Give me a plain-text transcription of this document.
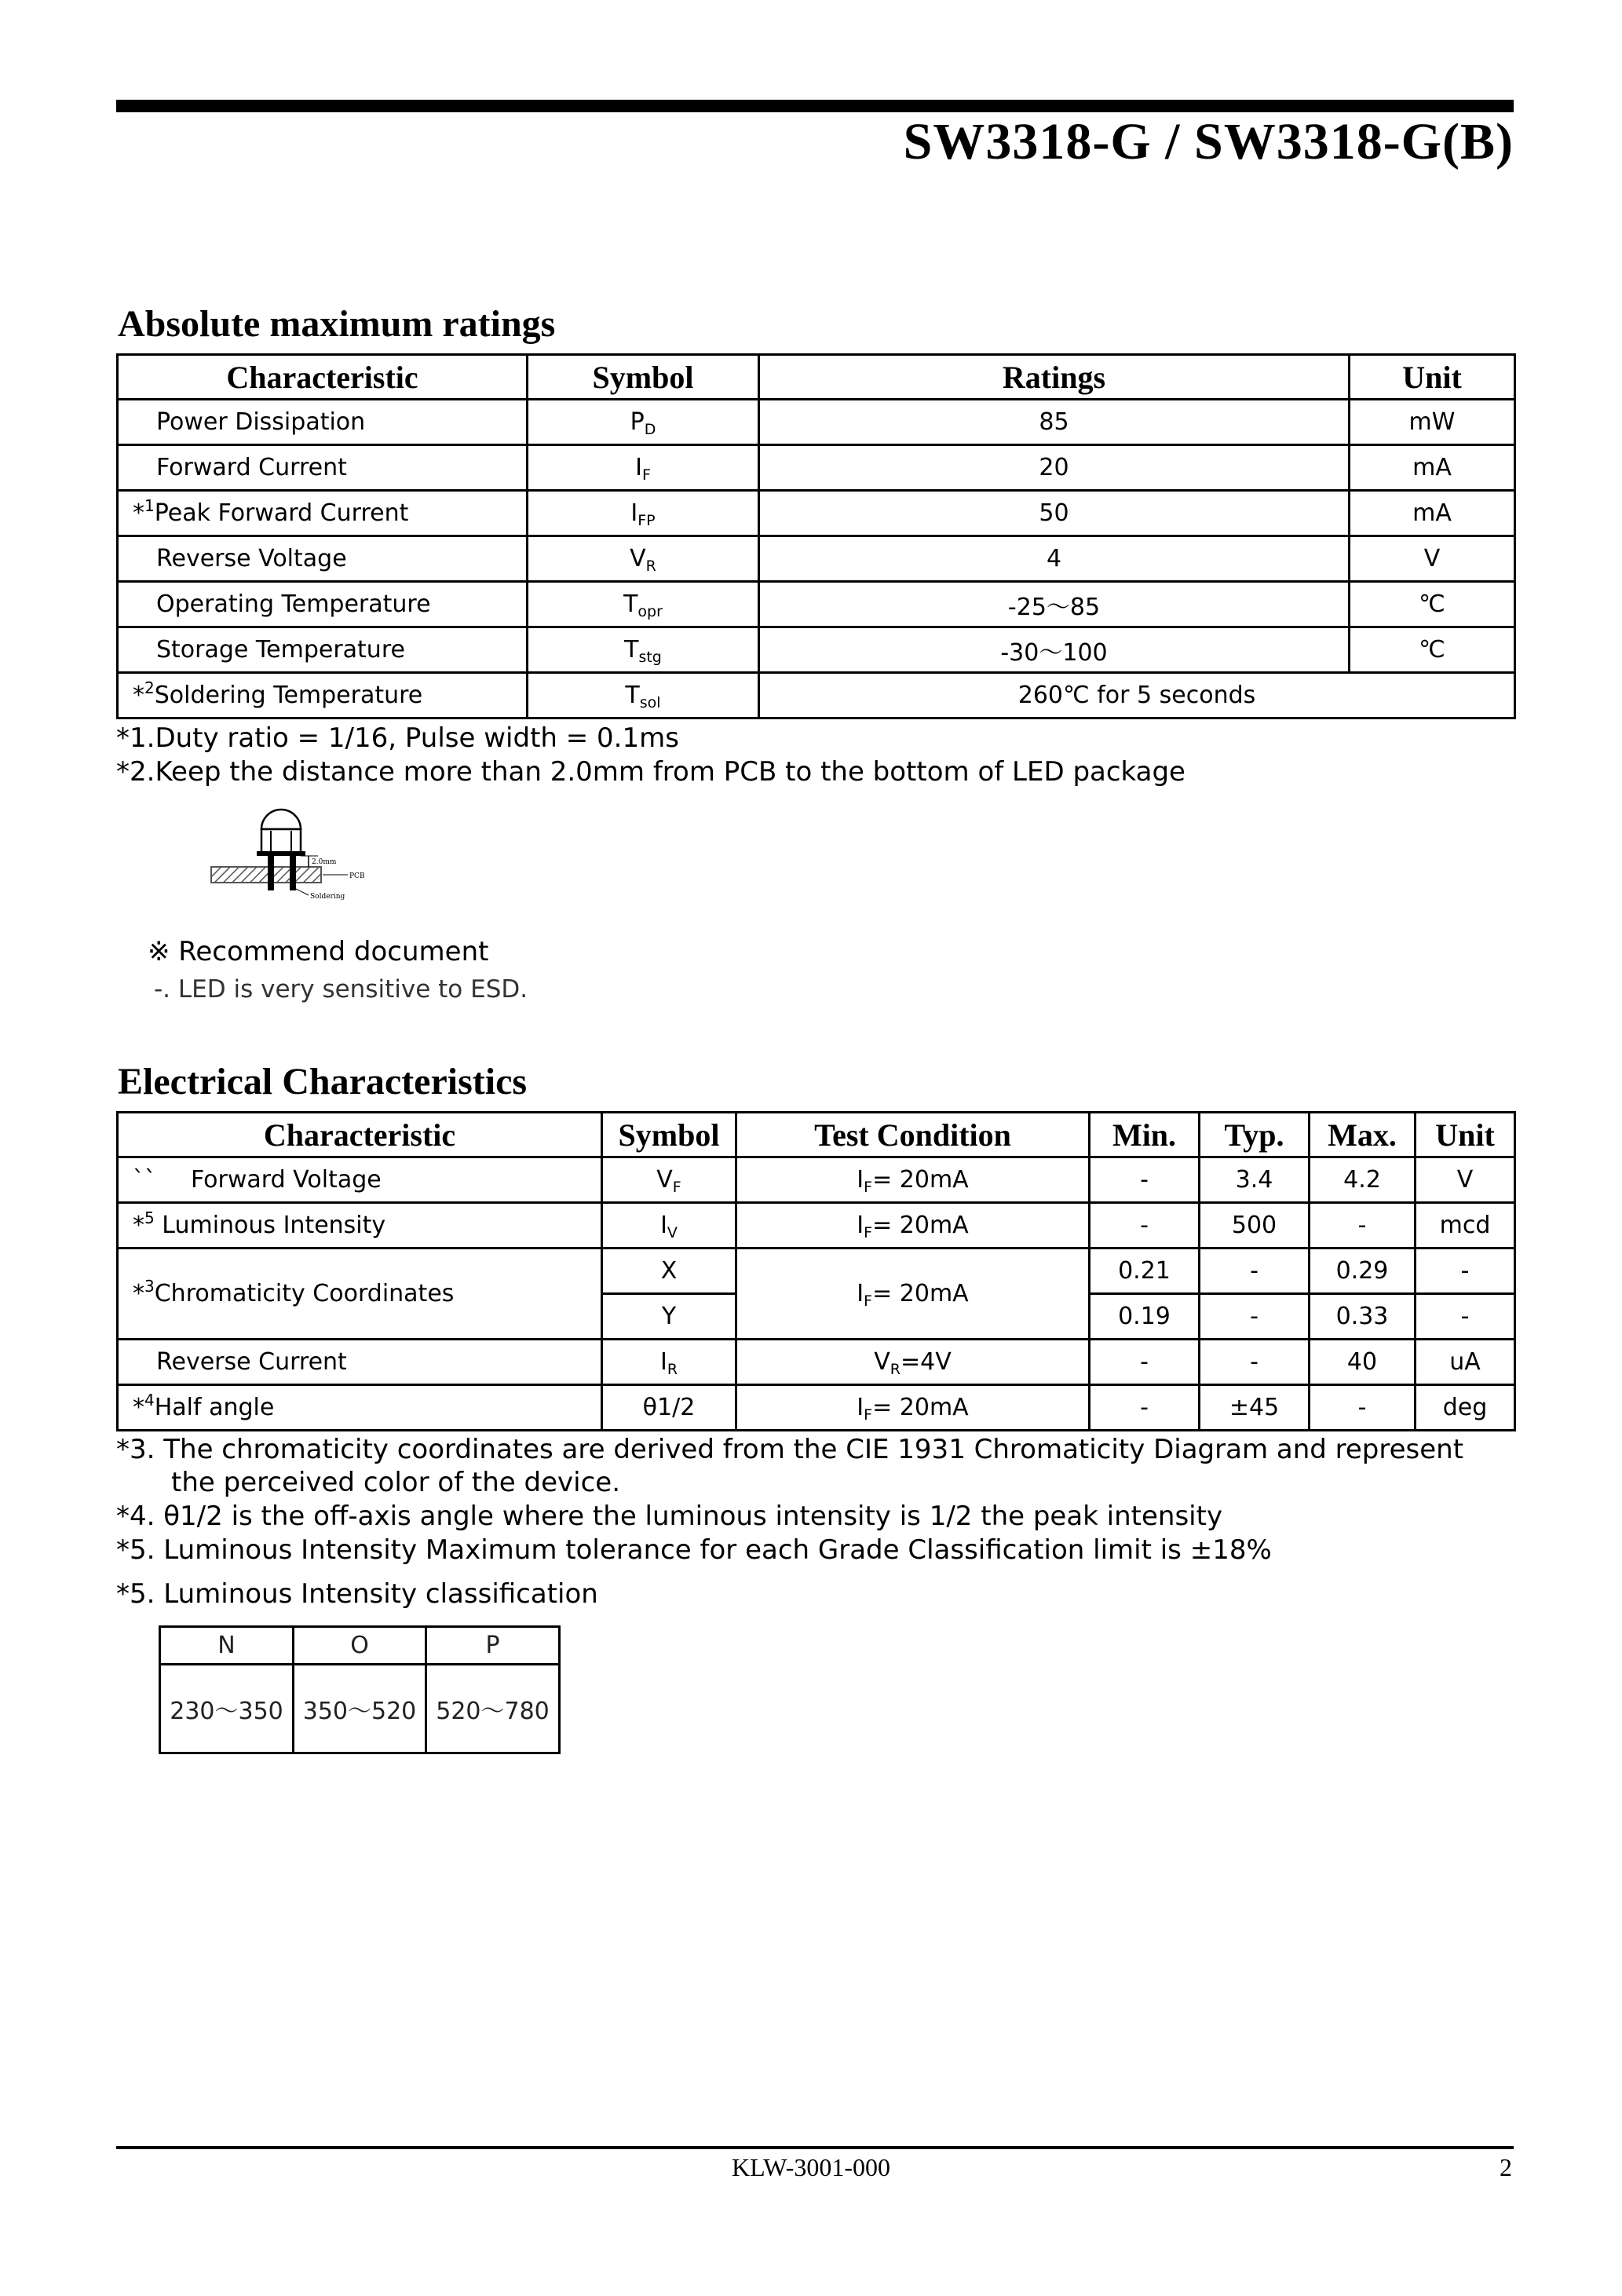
SW3318-G / SW3318-G(B)
Absolute maximum ratings
Characteristic	Symbol	Ratings	Unit
Power Dissipation	$P_D$	85	mW
Forward Current	$I_F$	20	mA
*$^1$Peak Forward Current	$I_{FP}$	50	mA
Reverse Voltage	$V_R$	4	V
Operating Temperature	$T_{opr}$	-25～85	℃
Storage Temperature	$T_{stg}$	-30～100	℃
*$^2$Soldering Temperature	$T_{sol}$	260℃ for 5 seconds	
*1.Duty ratio = 1/16, Pulse width = 0.1ms
*2.Keep the distance more than 2.0mm from PCB to the bottom of LED package
2.0mm
PCB
Soldering
※ Recommend document
-. LED is very sensitive to ESD.
Electrical Characteristics
Characteristic	Symbol	Test Condition	Min.	Typ.	Max.	Unit
`` Forward Voltage	$V_F$	$I_F= 20mA$	-	3.4	4.2	V
*$^5$ Luminous Intensity	$I_V$	$I_F= 20mA$	-	500	-	mcd
*$^3$Chromaticity Coordinates	X	$I_F= 20mA$	0.21	-	0.29	-
	Y		0.19	-	0.33	-
Reverse Current	$I_R$	$V_R=4V$	-	-	40	uA
*$^4$Half angle	θ1/2	$I_F= 20mA$	-	±45	-	deg
*3. The chromaticity coordinates are derived from the CIE 1931 Chromaticity Diagram and represent
the perceived color of the device.
*4. θ1/2 is the off-axis angle where the luminous intensity is 1/2 the peak intensity
*5. Luminous Intensity Maximum tolerance for each Grade Classification limit is ±18%
*5. Luminous Intensity classification
N	O	P
230～350	350～520	520～780
KLW-3001-000	2
